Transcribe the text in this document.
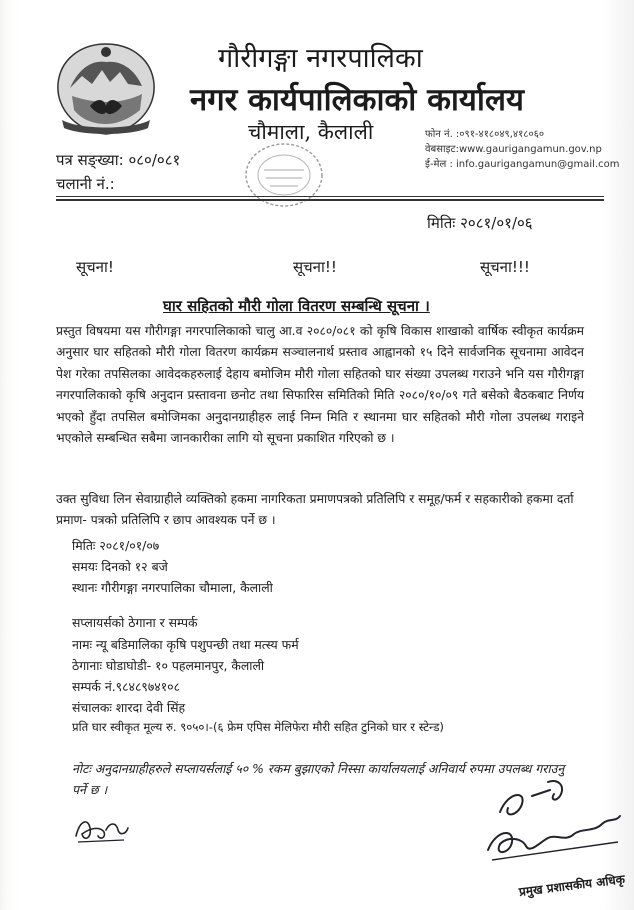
गौरीगङ्गा नगरपालिका
नगर कार्यपालिकाको कार्यालय
चौमाला, कैलाली	फोन नं. :०९१-४१८०४९,४१८०६०
वेबसाइट:www.gaurigangamun.gov.np
ई-मेल : info.gaurigangamun@gmail.com
पत्र सङ्ख्या: ०८०/०८१
चलानी नं.:
मितिः २०८१/०१/०६
सूचना!	सूचना!!	सूचना!!!
घार सहितको मौरी गोला वितरण सम्बन्धि सूचना ।
प्रस्तुत विषयमा यस गौरीगङ्गा नगरपालिकाको चालु आ.व २०८०/०८१ को कृषि विकास शाखाको वार्षिक स्वीकृत कार्यक्रम अनुसार घार सहितको मौरी गोला वितरण कार्यक्रम सञ्चालनार्थ प्रस्ताव आह्वानको १५ दिने सार्वजनिक सूचनामा आवेदन पेश गरेका तपसिलका आवेदकहरुलाई देहाय बमोजिम मौरी गोला सहितको घार संख्या उपलब्ध गराउने भनि यस गौरीगङ्गा नगरपालिकाको कृषि अनुदान प्रस्तावना छनोट तथा सिफारिस समितिको मिति २०८०/१०/०९ गते बसेको बैठकबाट निर्णय भएको हुँदा तपसिल बमोजिमका अनुदानग्राहीहरु लाई निम्न मिति र स्थानमा घार सहितको मौरी गोला उपलब्ध गराइने भएकोले सम्बन्धित सबैमा जानकारीका लागि यो सूचना प्रकाशित गरिएको छ ।
उक्त सुविधा लिन सेवाग्राहीले व्यक्तिको हकमा नागरिकता प्रमाणपत्रको प्रतिलिपि र समूह/फर्म र सहकारीको हकमा दर्ता प्रमाण- पत्रको प्रतिलिपि र छाप आवश्यक पर्ने छ ।
मितिः २०८१/०१/०७
समयः दिनको १२ बजे
स्थानः गौरीगङ्गा नगरपालिका चौमाला, कैलाली
सप्लायर्सको ठेगाना र सम्पर्क
नामः न्यू बडिमालिका कृषि पशुपन्छी तथा मत्स्य फर्म
ठेगानाः घोडाघोडी- १० पहलमानपुर, कैलाली
सम्पर्क नं.९८४८९७४१०८
संचालकः शारदा देवी सिंह
प्रति घार स्वीकृत मूल्य रु. ९०५०।-(६ फ्रेम एपिस मेलिफेरा मौरी सहित टुनिको घार र स्टेन्ड)
नोटः अनुदानग्राहीहरुले सप्लायर्सलाई ५० % रकम बुझाएको निस्सा कार्यालयलाई अनिवार्य रुपमा उपलब्ध गराउनु पर्ने छ ।
प्रमुख प्रशासकीय अधिकृ
